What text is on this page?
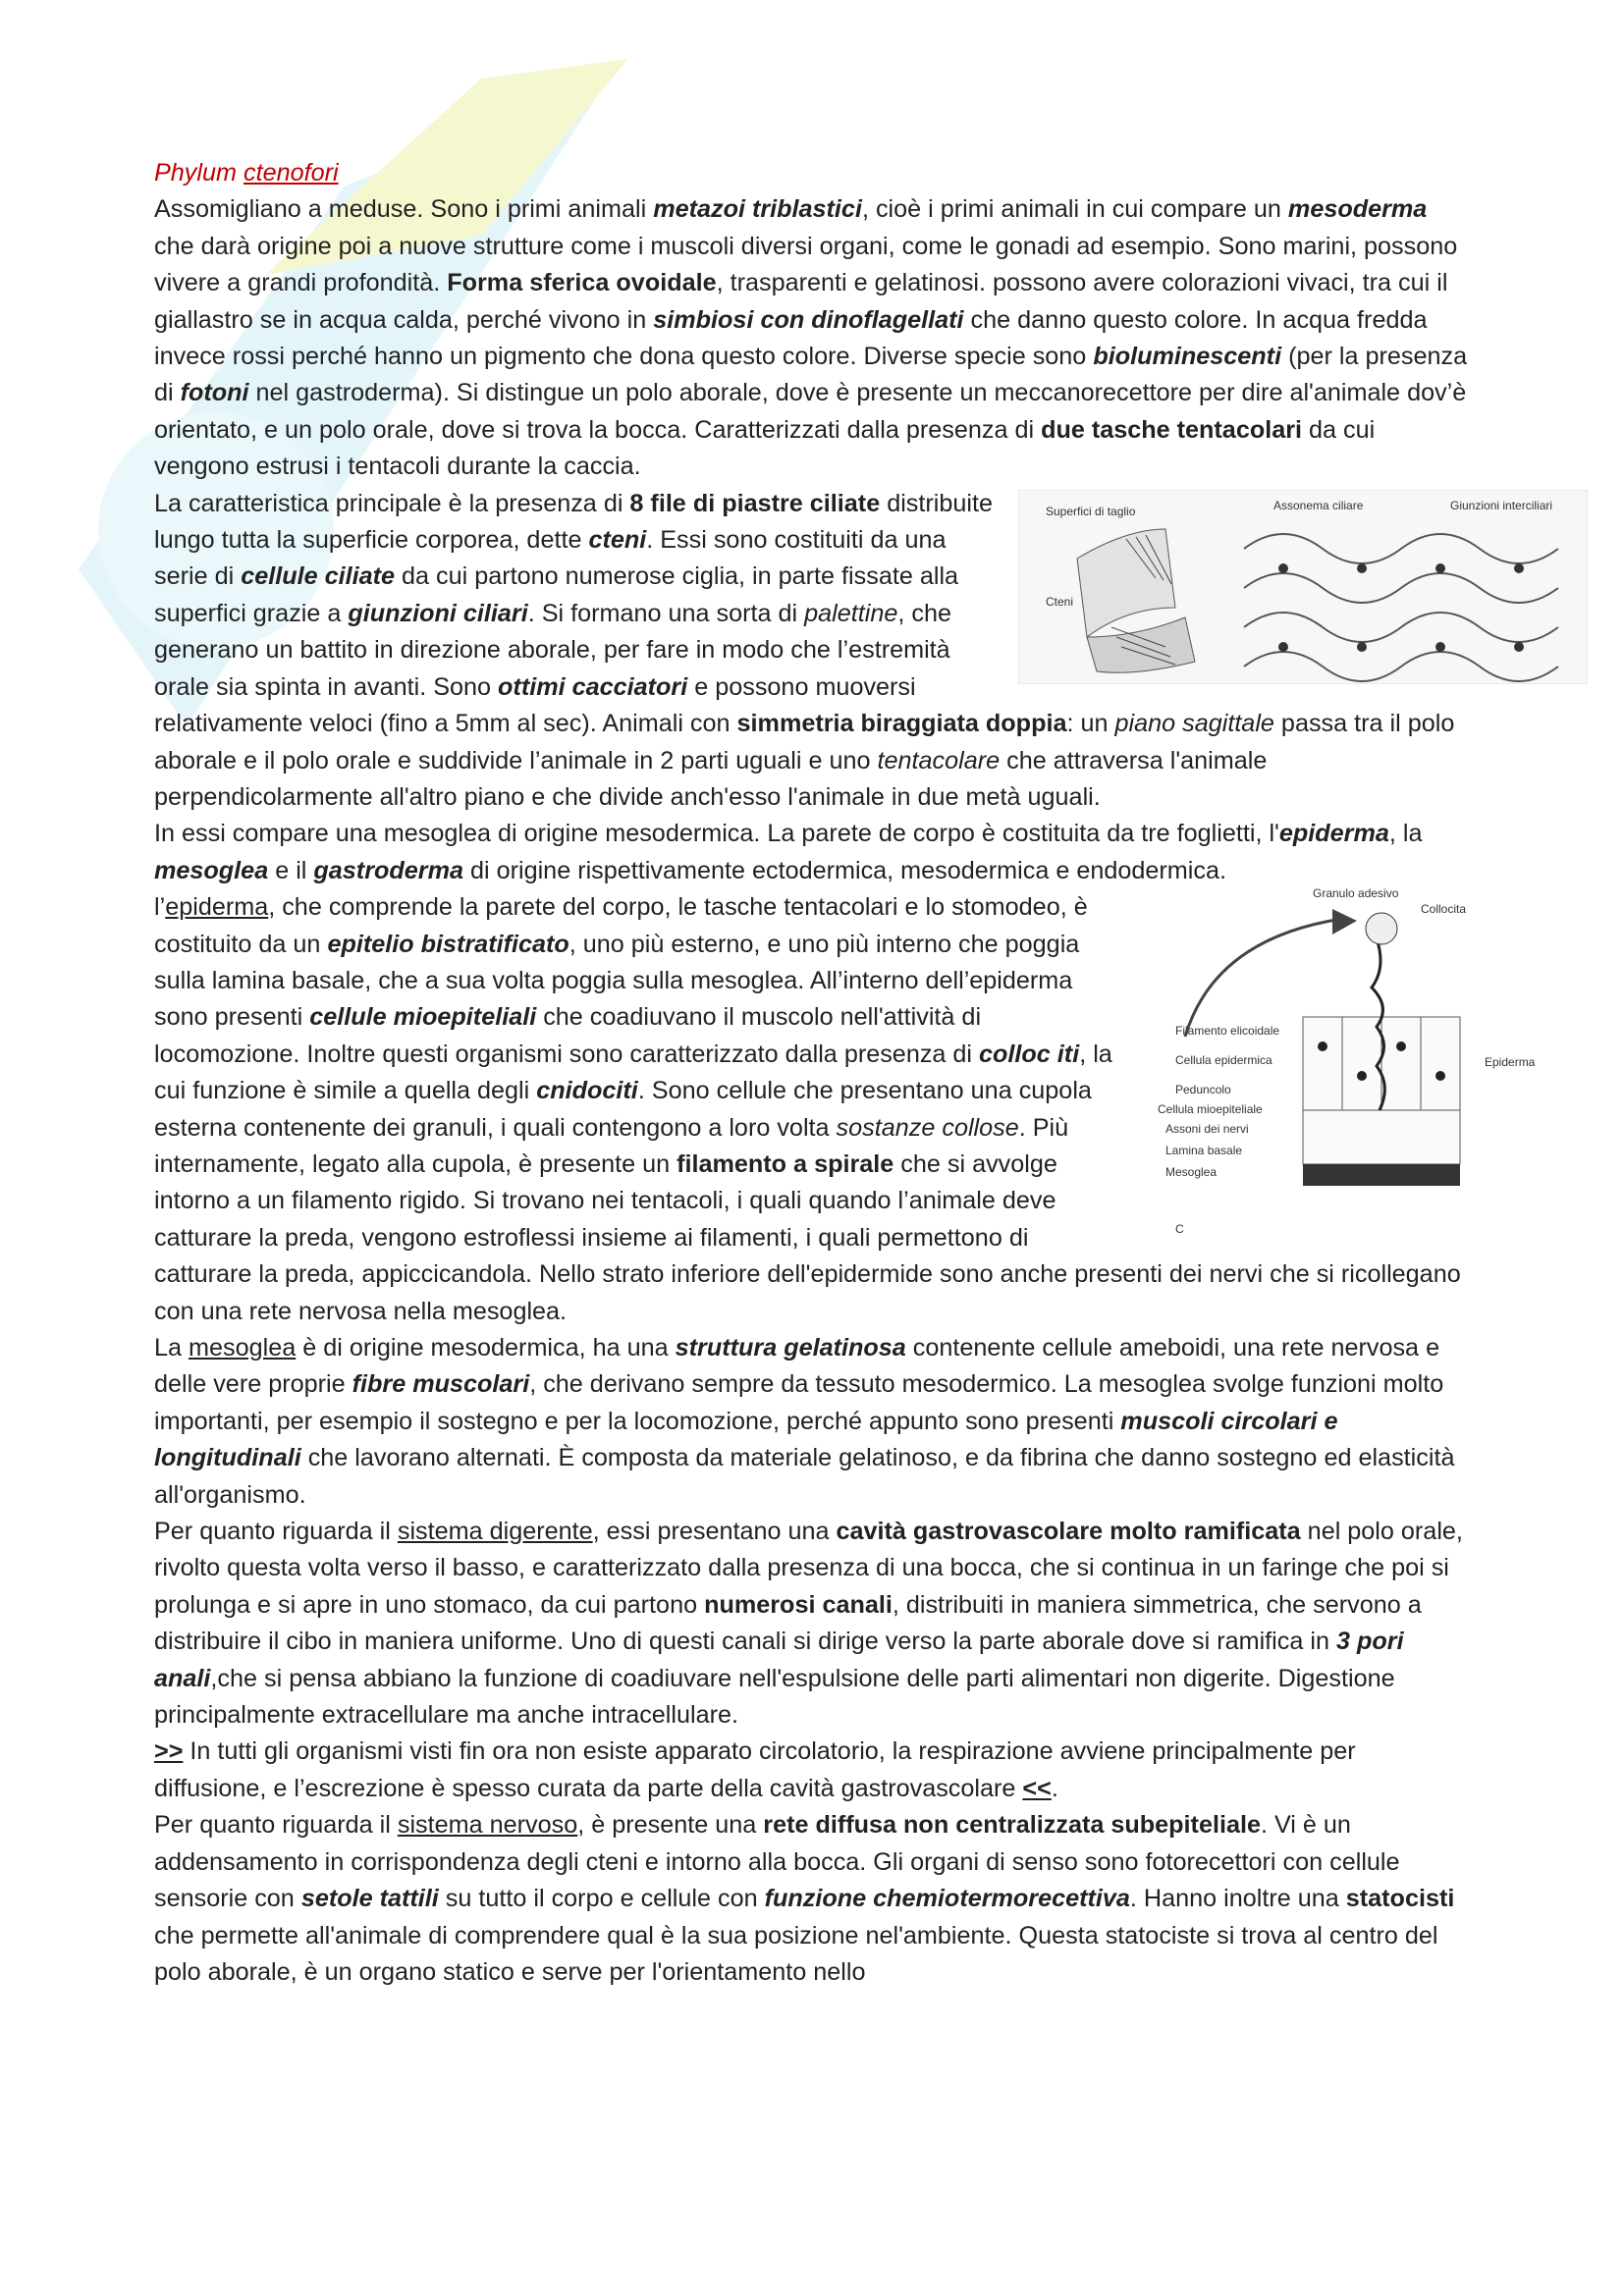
Phylum ctenofori

Assomigliano a meduse. Sono i primi animali metazoi triblastici, cioè i primi animali in cui compare un mesoderma che darà origine poi a nuove strutture come i muscoli diversi organi, come le gonadi ad esempio. Sono marini, possono vivere a grandi profondità. Forma sferica ovoidale, trasparenti e gelatinosi. possono avere colorazioni vivaci, tra cui il giallastro se in acqua calda, perché vivono in simbiosi con dinoflagellati che danno questo colore. In acqua fredda invece rossi perché hanno un pigmento che dona questo colore. Diverse specie sono bioluminescenti (per la presenza di fotoni nel gastroderma). Si distingue un polo aborale, dove è presente un meccanorecettore per dire al'animale dov’è orientato, e un polo orale, dove si trova la bocca. Caratterizzati dalla presenza di due tasche tentacolari da cui vengono estrusi i tentacoli durante la caccia.

Superfici di taglio
Cteni
Assonema ciliare	Giunzioni interciliari
La caratteristica principale è la presenza di 8 file di piastre ciliate distribuite lungo tutta la superficie corporea, dette cteni. Essi sono costituiti da una serie di cellule ciliate da cui partono numerose ciglia, in parte fissate alla superfici grazie a giunzioni ciliari. Si formano una sorta di palettine, che generano un battito in direzione aborale, per fare in modo che l’estremità orale sia spinta in avanti. Sono ottimi cacciatori e possono muoversi relativamente veloci (fino a 5mm al sec). Animali con simmetria biraggiata doppia: un piano sagittale passa tra il polo aborale e il polo orale e suddivide l’animale in 2 parti uguali e uno tentacolare che attraversa l'animale perpendicolarmente all'altro piano e che divide anch'esso l'animale in due metà uguali.

In essi compare una mesoglea di origine mesodermica. La parete de corpo è costituita da tre foglietti, l'epiderma, la mesoglea e il gastroderma di origine rispettivamente ectodermica, mesodermica e endodermica.

Granulo adesivo
Collocita
Filamento elicoidale
Cellula epidermica
Peduncolo
Cellula mioepiteliale
Assoni dei nervi
Lamina basale
Mesoglea
Epiderma
C
l’epiderma, che comprende la parete del corpo, le tasche tentacolari e lo stomodeo, è costituito da un epitelio bistratificato, uno più esterno, e uno più interno che poggia sulla lamina basale, che a sua volta poggia sulla mesoglea. All’interno dell’epiderma sono presenti cellule mioepiteliali che coadiuvano il muscolo nell'attività di locomozione. Inoltre questi organismi sono caratterizzato dalla presenza di colloc iti, la cui funzione è simile a quella degli cnidociti. Sono cellule che presentano una cupola esterna contenente dei granuli, i quali contengono a loro volta sostanze collose. Più internamente, legato alla cupola, è presente un filamento a spirale che si avvolge intorno a un filamento rigido. Si trovano nei tentacoli, i quali quando l’animale deve catturare la preda, vengono estroflessi insieme ai filamenti, i quali permettono di catturare la preda, appiccicandola. Nello strato inferiore dell'epidermide sono anche presenti dei nervi che si ricollegano con una rete nervosa nella mesoglea.

La mesoglea è di origine mesodermica, ha una struttura gelatinosa contenente cellule ameboidi, una rete nervosa e delle vere proprie fibre muscolari, che derivano sempre da tessuto mesodermico. La mesoglea svolge funzioni molto importanti, per esempio il sostegno e per la locomozione, perché appunto sono presenti muscoli circolari e longitudinali che lavorano alternati. È composta da materiale gelatinoso, e da fibrina che danno sostegno ed elasticità all'organismo.

Per quanto riguarda il sistema digerente, essi presentano una cavità gastrovascolare molto ramificata nel polo orale, rivolto questa volta verso il basso, e caratterizzato dalla presenza di una bocca, che si continua in un faringe che poi si prolunga e si apre in uno stomaco, da cui partono numerosi canali, distribuiti in maniera simmetrica, che servono a distribuire il cibo in maniera uniforme. Uno di questi canali si dirige verso la parte aborale dove si ramifica in 3 pori anali,che si pensa abbiano la funzione di coadiuvare nell'espulsione delle parti alimentari non digerite. Digestione principalmente extracellulare ma anche intracellulare.

>> In tutti gli organismi visti fin ora non esiste apparato circolatorio, la respirazione avviene principalmente per diffusione, e l’escrezione è spesso curata da parte della cavità gastrovascolare <<.

Per quanto riguarda il sistema nervoso, è presente una rete diffusa non centralizzata subepiteliale. Vi è un addensamento in corrispondenza degli cteni e intorno alla bocca. Gli organi di senso sono fotorecettori con cellule sensorie con setole tattili su tutto il corpo e cellule con funzione chemiotermorecettiva. Hanno inoltre una statocisti che permette all'animale di comprendere qual è la sua posizione nel'ambiente. Questa statociste si trova al centro del polo aborale, è un organo statico e serve per l'orientamento nello
